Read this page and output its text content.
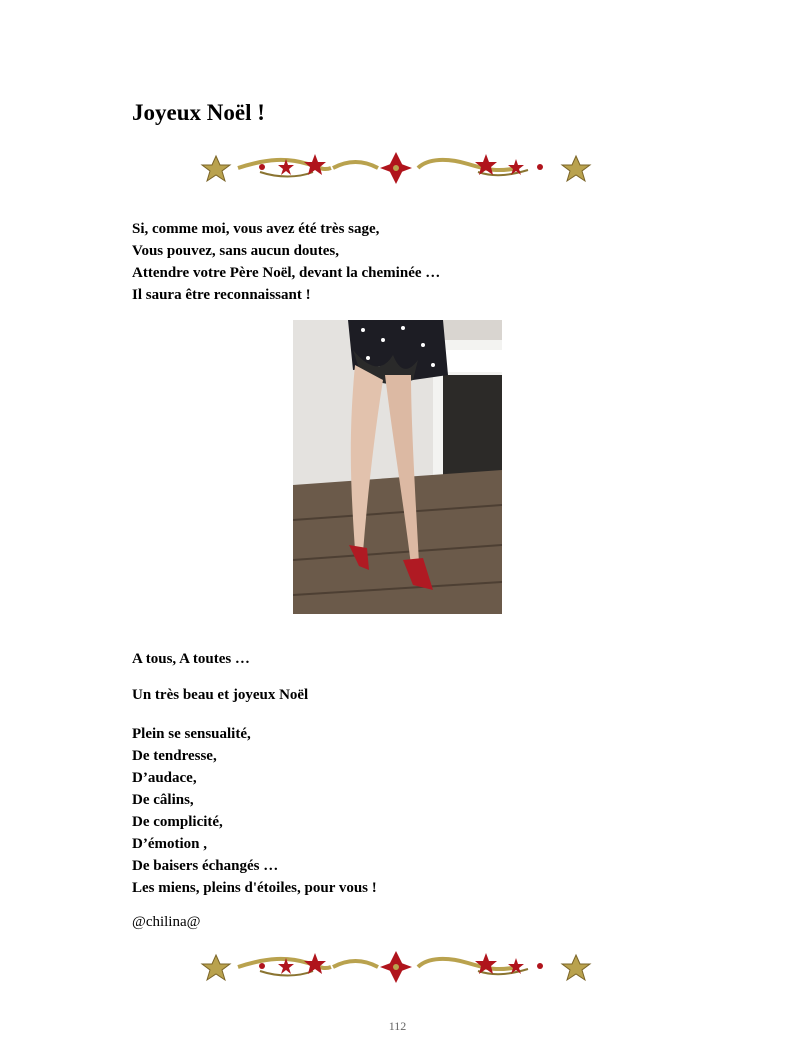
Joyeux Noël !
Si, comme moi, vous avez été très sage,
Vous pouvez, sans aucun doutes,
Attendre votre Père Noël, devant la cheminée …
Il saura être reconnaissant !
A tous, A toutes …
Un très beau et joyeux Noël
Plein se sensualité,
De tendresse,
D’audace,
De câlins,
De complicité,
D’émotion ,
De baisers échangés …
Les miens, pleins d'étoiles, pour vous !
@chilina@
112
